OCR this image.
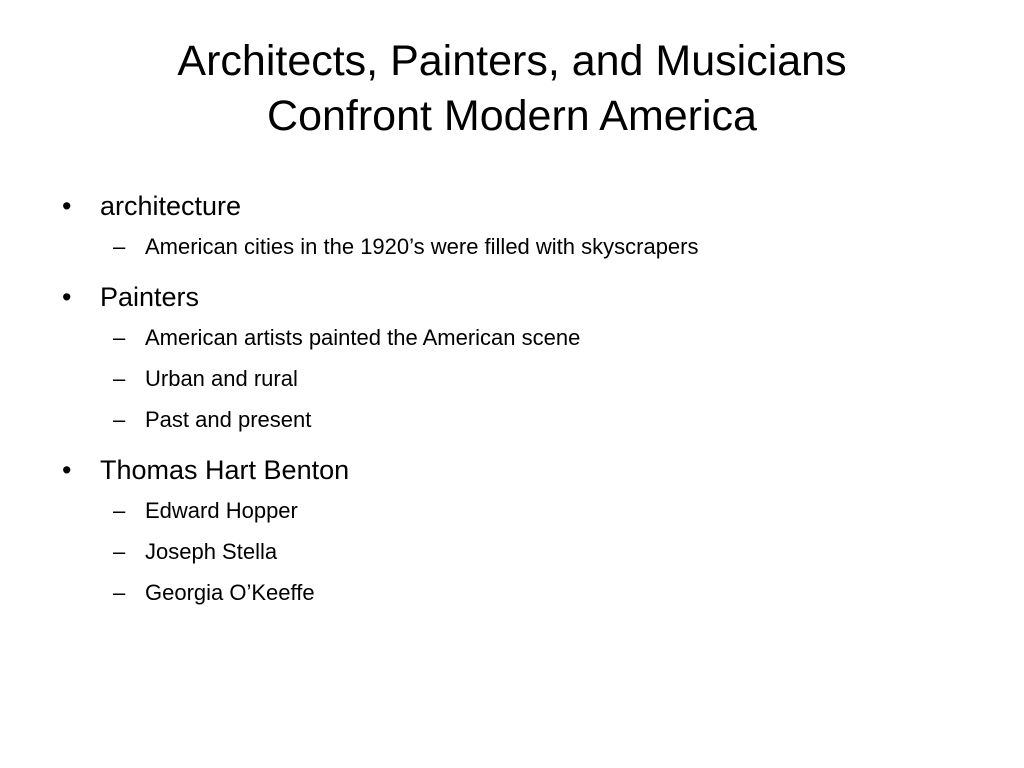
Architects, Painters, and Musicians
Confront Modern America
•	architecture
– American cities in the 1920’s were filled with skyscrapers
•	Painters
– American artists painted the American scene
– Urban and rural
– Past and present
•	Thomas Hart Benton
– Edward Hopper
– Joseph Stella
– Georgia O’Keeffe
